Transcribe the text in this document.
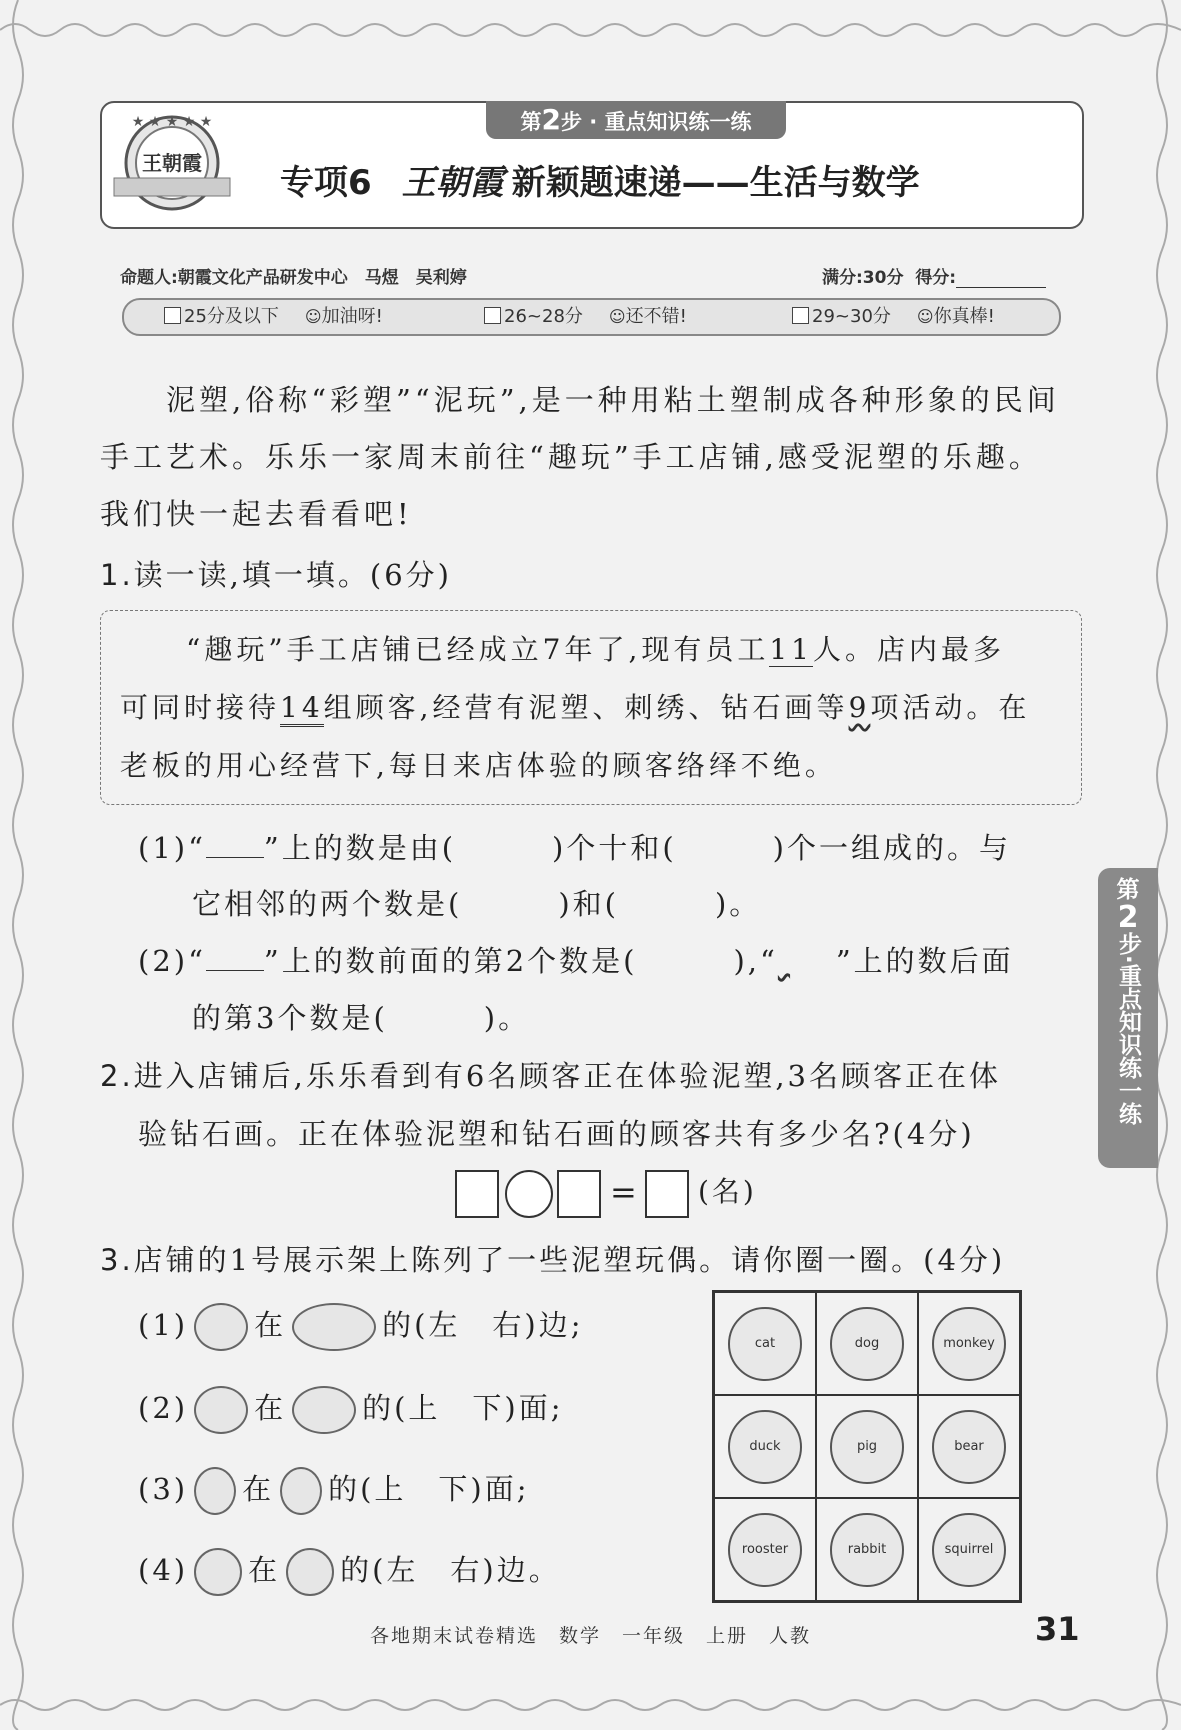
★ ★ ★ ★ ★
王朝霞
第2步 · 重点知识练一练
专项6 王朝霞 新颖题速递——生活与数学
命题人:朝霞文化产品研发中心　马煜　吴利婷	满分:30分 得分:
25分及以下 ☺加油呀!	26~28分 ☺还不错!	29~30分 ☺你真棒!
泥塑,俗称“彩塑”“泥玩”,是一种用粘土塑制成各种形象的民间
手工艺术。乐乐一家周末前往“趣玩”手工店铺,感受泥塑的乐趣。
我们快一起去看看吧!
1.读一读,填一填。(6分)
“趣玩”手工店铺已经成立7年了,现有员工11人。店内最多
可同时接待14组顾客,经营有泥塑、刺绣、钻石画等9项活动。在
老板的用心经营下,每日来店体验的顾客络绎不绝。
(1)“ ”上的数是由(　　　)个十和(　　　)个一组成的。与
它相邻的两个数是(　　　)和(　　　)。
(2)“ ”上的数前面的第2个数是(　　　),“ ”上的数后面
的第3个数是(　　　)。
第
2
步·重点知识练一练
2.进入店铺后,乐乐看到有6名顾客正在体验泥塑,3名顾客正在体
验钻石画。正在体验泥塑和钻石画的顾客共有多少名?(4分)
= (名)
3.店铺的1号展示架上陈列了一些泥塑玩偶。请你圈一圈。(4分)
(1) 在	的(左　右)边;
(2) 在	的(上　下)面;
(3) 在 的(上　下)面;
(4) 在 的(左　右)边。
cat	dog	monkey
duck	pig	bear
rooster	rabbit	squirrel
各地期末试卷精选　数学　一年级　上册　人教	31
